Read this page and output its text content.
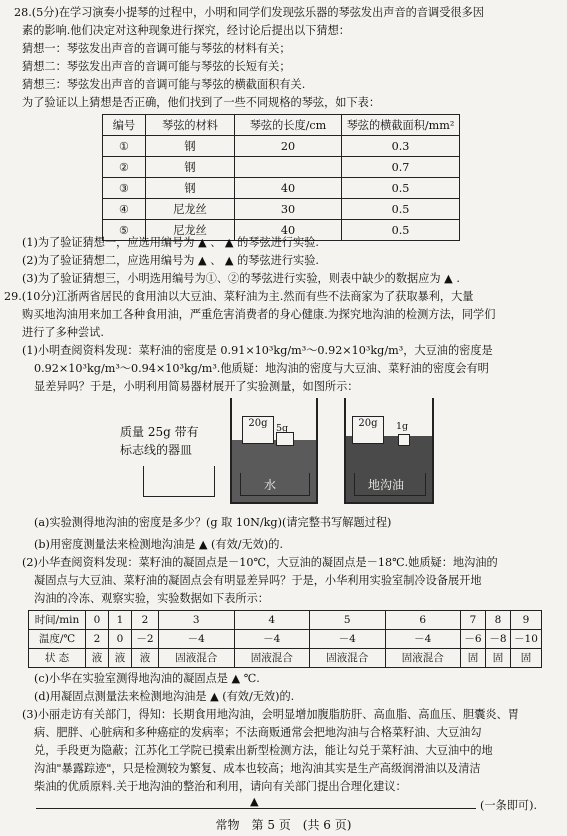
28.(5分)在学习演奏小提琴的过程中，小明和同学们发现弦乐器的琴弦发出声音的音调受很多因
素的影响.他们决定对这种现象进行探究，经讨论后提出以下猜想：
猜想一：琴弦发出声音的音调可能与琴弦的材料有关；
猜想二：琴弦发出声音的音调可能与琴弦的长短有关；
猜想三：琴弦发出声音的音调可能与琴弦的横截面积有关.
为了验证以上猜想是否正确，他们找到了一些不同规格的琴弦，如下表：
编号	琴弦的材料	琴弦的长度/cm	琴弦的横截面积/mm²
①	钢	20	0.3
②	钢		0.7
③	钢	40	0.5
④	尼龙丝	30	0.5
⑤	尼龙丝	40	0.5
(1)为了验证猜想一，应选用编号为 ▲ 、 ▲ 的琴弦进行实验.
(2)为了验证猜想二，应选用编号为 ▲ 、 ▲ 的琴弦进行实验.
(3)为了验证猜想三，小明选用编号为①、②的琴弦进行实验，则表中缺少的数据应为 ▲ .
29.(10分)江浙两省居民的食用油以大豆油、菜籽油为主.然而有些不法商家为了获取暴利，大量
购买地沟油用来加工各种食用油，严重危害消费者的身心健康.为探究地沟油的检测方法，同学们
进行了多种尝试.
(1)小明查阅资料发现：菜籽油的密度是 0.91×10³kg/m³～0.92×10³kg/m³，大豆油的密度是
0.92×10³kg/m³～0.94×10³kg/m³.他质疑：地沟油的密度与大豆油、菜籽油的密度会有明
显差异吗？于是，小明利用简易器材展开了实验测量，如图所示：
质量 25g 带有
标志线的器皿
水
20g 5g
地沟油
20g	1g
(a)实验测得地沟油的密度是多少？(g 取 10N/kg)(请完整书写解题过程)
(b)用密度测量法来检测地沟油是 ▲ (有效/无效)的.
(2)小华查阅资料发现：菜籽油的凝固点是－10℃，大豆油的凝固点是－18℃.她质疑：地沟油的
凝固点与大豆油、菜籽油的凝固点会有明显差异吗？于是，小华利用实验室制冷设备展开地
沟油的冷冻、观察实验，实验数据如下表所示：
时间/min	0	1	2	3	4	5	6	7	8	9
温度/℃	2	0	－2	－4	－4	－4	－4	－6	－8	－10
状 态	液	液	液	固液混合	固液混合	固液混合	固液混合	固	固	固
(c)小华在实验室测得地沟油的凝固点是 ▲ ℃.
(d)用凝固点测量法来检测地沟油是 ▲ (有效/无效)的.
(3)小丽走访有关部门，得知：长期食用地沟油，会明显增加腹脂肪肝、高血脂、高血压、胆囊炎、胃
病、肥胖、心脏病和多种癌症的发病率；不法商贩通常会把地沟油与合格菜籽油、大豆油勾
兑，手段更为隐蔽；江苏化工学院已摸索出新型检测方法，能让勾兑于菜籽油、大豆油中的地
沟油"暴露踪迹"，只是检测较为繁复、成本也较高；地沟油其实是生产高级润滑油以及清洁
柴油的优质原料.关于地沟油的整治和利用，请向有关部门提出合理化建议：
▲	(一条即可).
常物　第 5 页　(共 6 页)
